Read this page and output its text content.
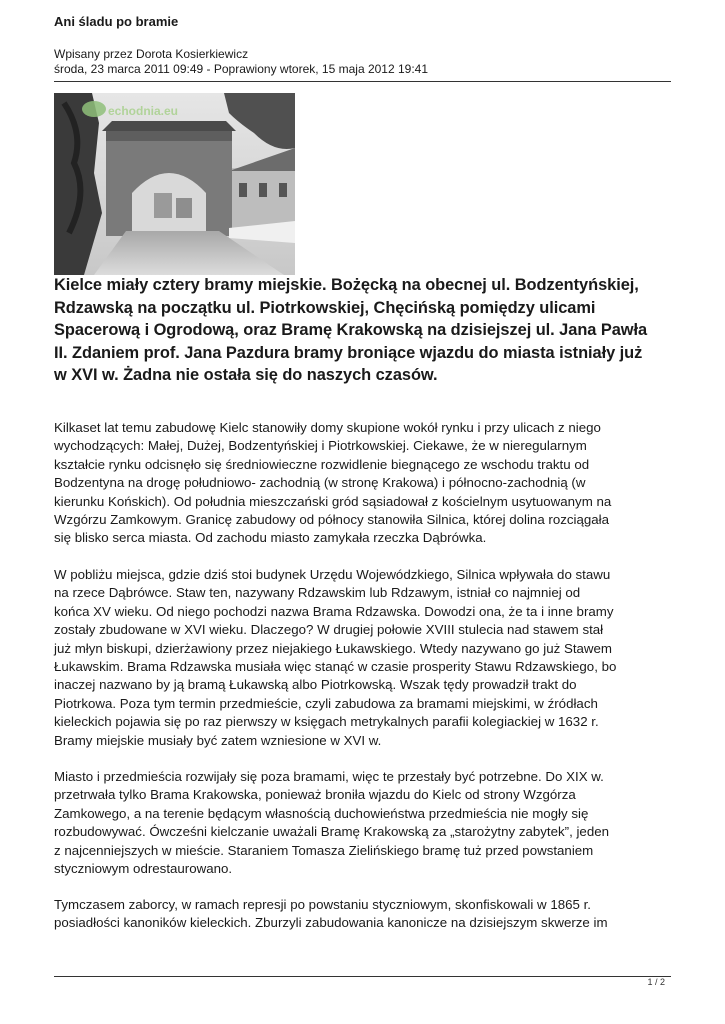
Ani śladu po bramie
Wpisany przez Dorota Kosierkiewicz
środa, 23 marca 2011 09:49 - Poprawiony wtorek, 15 maja 2012 19:41
echodnia.eu
Kielce miały cztery bramy miejskie. Bożęcką na obecnej ul. Bodzentyńskiej,
Rdzawską na początku ul. Piotrkowskiej, Chęcińską pomiędzy ulicami
Spacerową i Ogrodową, oraz Bramę Krakowską na dzisiejszej ul. Jana Pawła
II. Zdaniem prof. Jana Pazdura bramy broniące wjazdu do miasta istniały już
w XVI w. Żadna nie ostała się do naszych czasów.
Kilkaset lat temu zabudowę Kielc stanowiły domy skupione wokół rynku i przy ulicach z niego
wychodzących: Małej, Dużej, Bodzentyńskiej i Piotrkowskiej. Ciekawe, że w nieregularnym
kształcie rynku odcisnęło się średniowieczne rozwidlenie biegnącego ze wschodu traktu od
Bodzentyna na drogę południowo- zachodnią (w stronę Krakowa) i północno-zachodnią (w
kierunku Końskich). Od południa mieszczański gród sąsiadował z kościelnym usytuowanym na
Wzgórzu Zamkowym. Granicę zabudowy od północy stanowiła Silnica, której dolina rozciągała
się blisko serca miasta. Od zachodu miasto zamykała rzeczka Dąbrówka.
W pobliżu miejsca, gdzie dziś stoi budynek Urzędu Wojewódzkiego, Silnica wpływała do stawu
na rzece Dąbrówce. Staw ten, nazywany Rdzawskim lub Rdzawym, istniał co najmniej od
końca XV wieku. Od niego pochodzi nazwa Brama Rdzawska. Dowodzi ona, że ta i inne bramy
zostały zbudowane w XVI wieku. Dlaczego? W drugiej połowie XVIII stulecia nad stawem stał
już młyn biskupi, dzierżawiony przez niejakiego Łukawskiego. Wtedy nazywano go już Stawem
Łukawskim. Brama Rdzawska musiała więc stanąć w czasie prosperity Stawu Rdzawskiego, bo
inaczej nazwano by ją bramą Łukawską albo Piotrkowską. Wszak tędy prowadził trakt do
Piotrkowa. Poza tym termin przedmieście, czyli zabudowa za bramami miejskimi, w źródłach
kieleckich pojawia się po raz pierwszy w księgach metrykalnych parafii kolegiackiej w 1632 r.
Bramy miejskie musiały być zatem wzniesione w XVI w.
Miasto i przedmieścia rozwijały się poza bramami, więc te przestały być potrzebne. Do XIX w.
przetrwała tylko Brama Krakowska, ponieważ broniła wjazdu do Kielc od strony Wzgórza
Zamkowego, a na terenie będącym własnością duchowieństwa przedmieścia nie mogły się
rozbudowywać. Ówcześni kielczanie uważali Bramę Krakowską za „starożytny zabytek”, jeden
z najcenniejszych w mieście. Staraniem Tomasza Zielińskiego bramę tuż przed powstaniem
styczniowym odrestaurowano.
Tymczasem zaborcy, w ramach represji po powstaniu styczniowym, skonfiskowali w 1865 r.
posiadłości kanoników kieleckich. Zburzyli zabudowania kanonicze na dzisiejszym skwerze im
1 / 2
